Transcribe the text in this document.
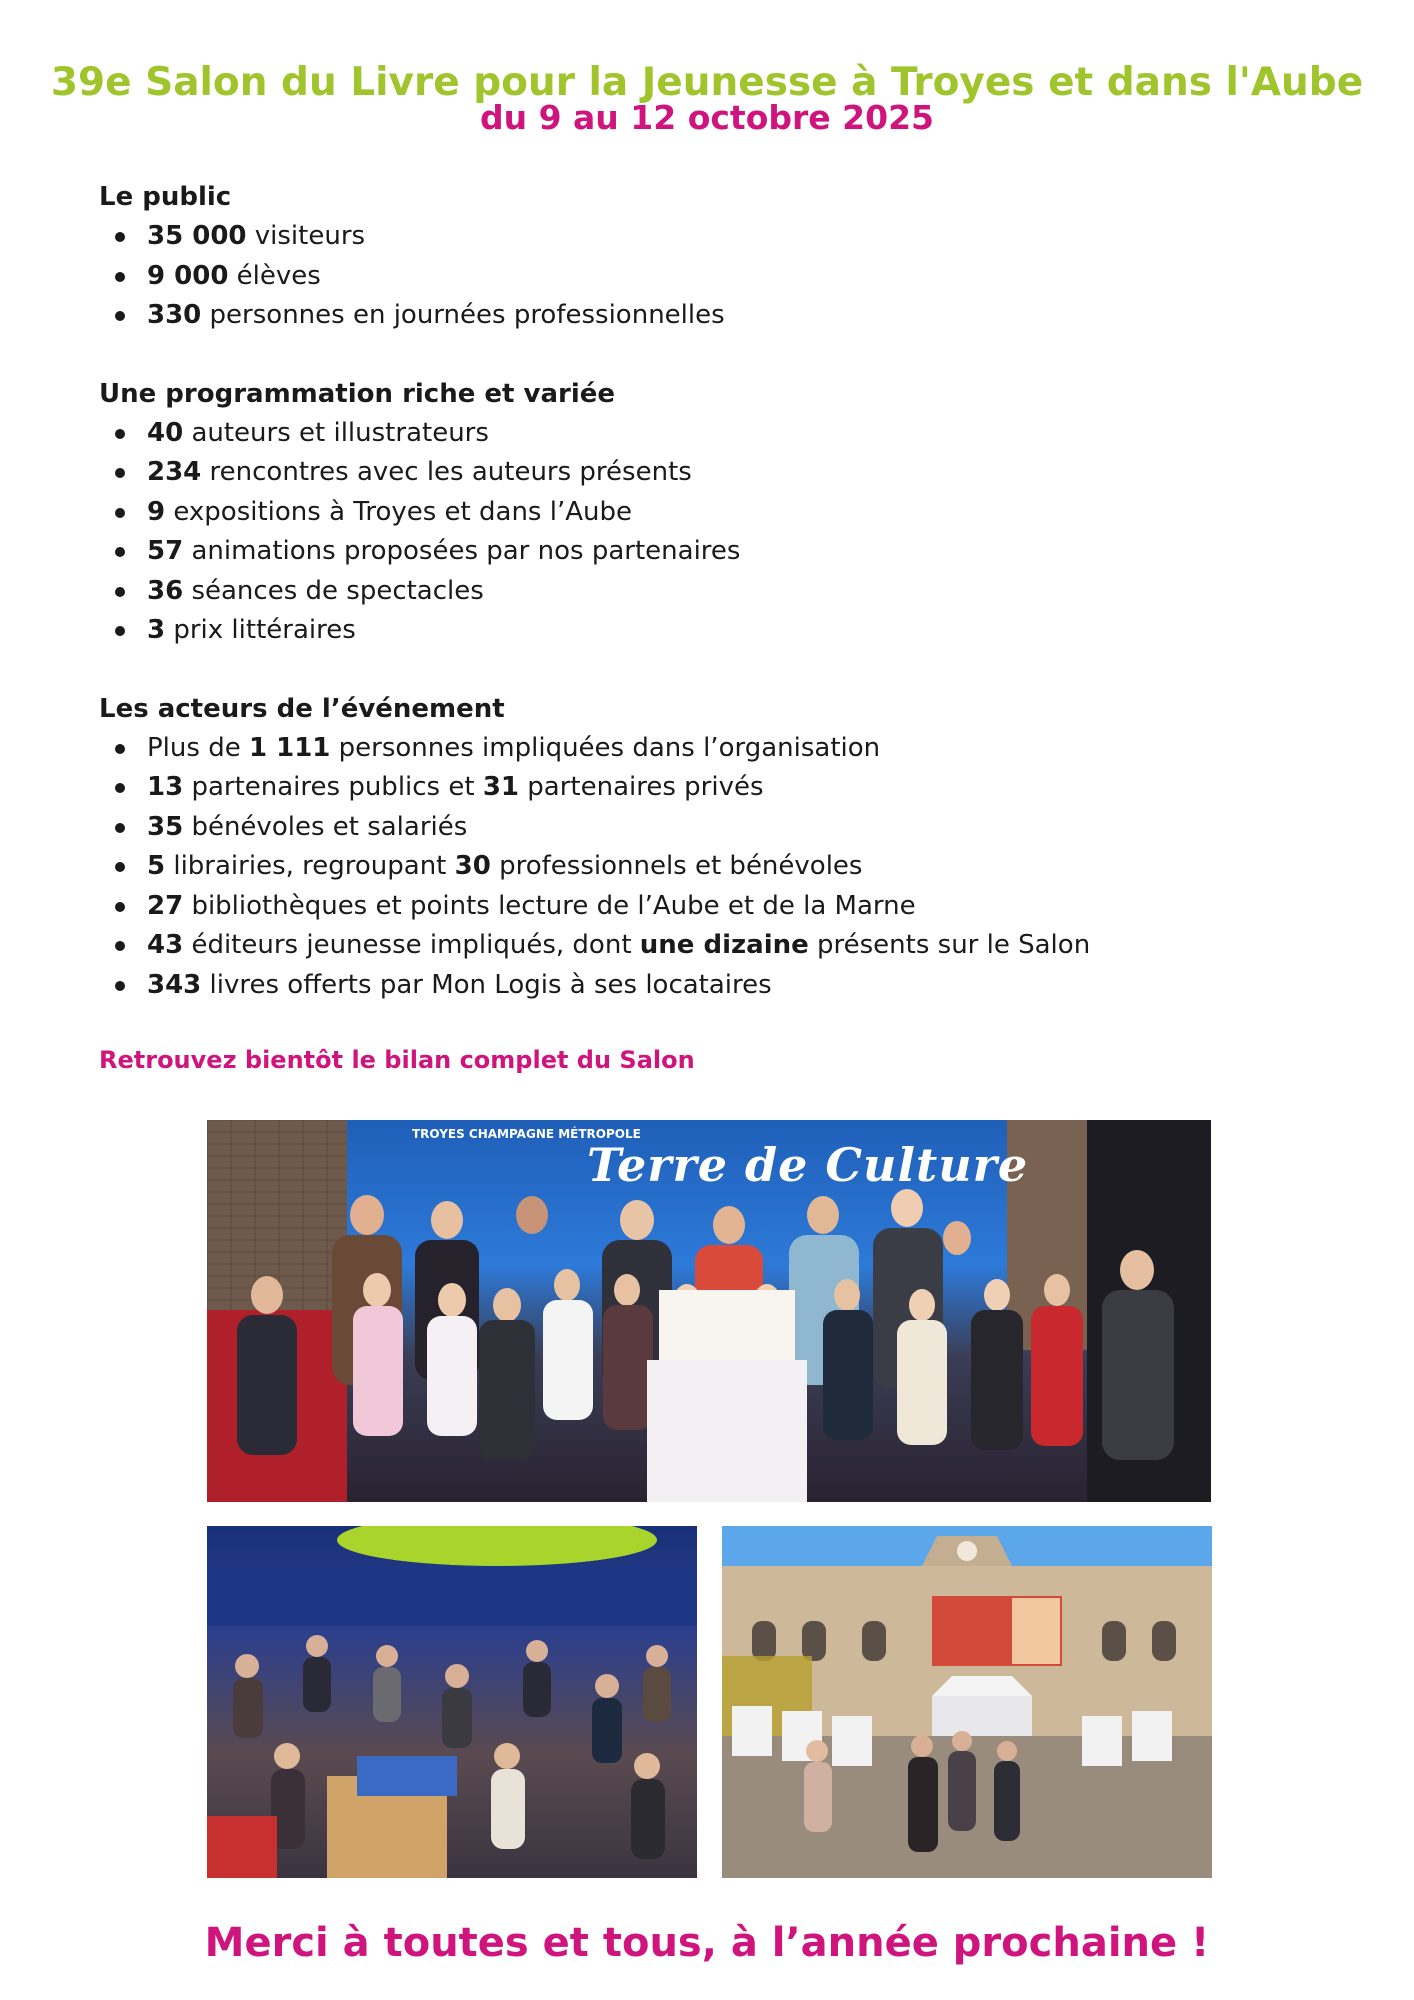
39e Salon du Livre pour la Jeunesse à Troyes et dans l'Aube
du 9 au 12 octobre 2025
Le public
35 000 visiteurs
9 000 élèves
330 personnes en journées professionnelles
Une programmation riche et variée
40 auteurs et illustrateurs
234 rencontres avec les auteurs présents
9 expositions à Troyes et dans l’Aube
57 animations proposées par nos partenaires
36 séances de spectacles
3 prix littéraires
Les acteurs de l’événement
Plus de 1 111 personnes impliquées dans l’organisation
13 partenaires publics et 31 partenaires privés
35 bénévoles et salariés
5 librairies, regroupant 30 professionnels et bénévoles
27 bibliothèques et points lecture de l’Aube et de la Marne
43 éditeurs jeunesse impliqués, dont une dizaine présents sur le Salon
343 livres offerts par Mon Logis à ses locataires
Retrouvez bientôt le bilan complet du Salon
TROYES CHAMPAGNE MÉTROPOLE
Terre de Culture
Merci à toutes et tous, à l’année prochaine !
